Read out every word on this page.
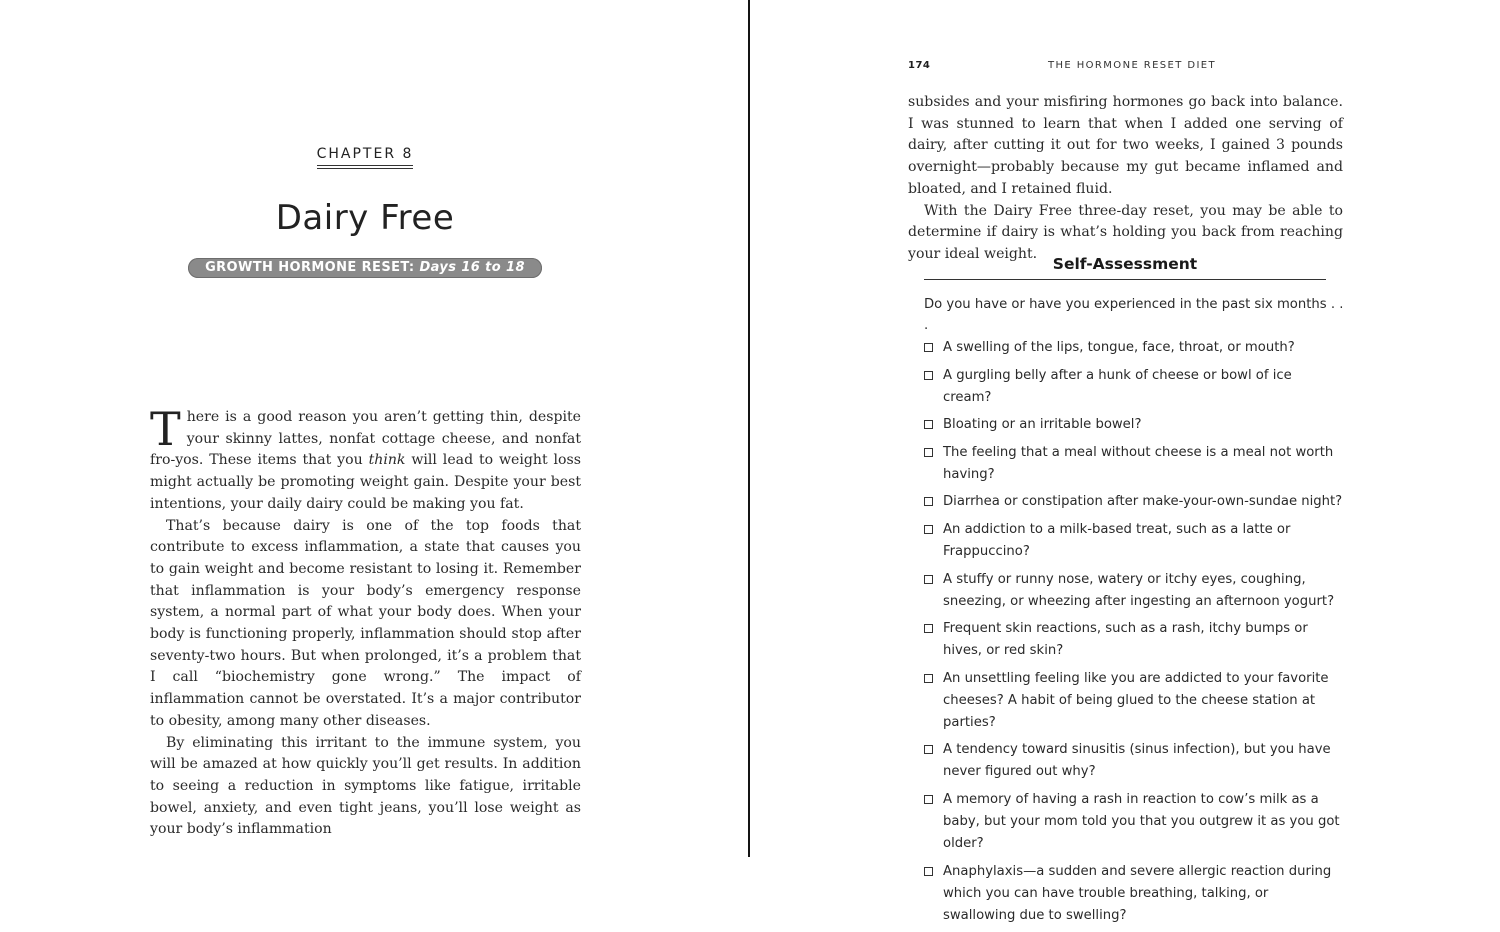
CHAPTER 8
Dairy Free
GROWTH HORMONE RESET: Days 16 to 18

There is a good reason you aren’t getting thin, despite your skinny lattes, nonfat cottage cheese, and nonfat fro-yos. These items that you think will lead to weight loss might actually be promoting weight gain. Despite your best intentions, your daily dairy could be making you fat.

That’s because dairy is one of the top foods that contribute to excess inflammation, a state that causes you to gain weight and become resistant to losing it. Remember that inflammation is your body’s emergency response system, a normal part of what your body does. When your body is functioning properly, inflammation should stop after seventy-two hours. But when prolonged, it’s a problem that I call “biochemistry gone wrong.” The impact of inflammation cannot be overstated. It’s a major contributor to obesity, among many other diseases.

By eliminating this irritant to the immune system, you will be amazed at how quickly you’ll get results. In addition to seeing a reduction in symptoms like fatigue, irritable bowel, anxiety, and even tight jeans, you’ll lose weight as your body’s inflammation

174	THE HORMONE RESET DIET

subsides and your misfiring hormones go back into balance. I was stunned to learn that when I added one serving of dairy, after cutting it out for two weeks, I gained 3 pounds overnight—probably because my gut became inflamed and bloated, and I retained fluid.

With the Dairy Free three-day reset, you may be able to determine if dairy is what’s holding you back from reaching your ideal weight.

Self-Assessment
Do you have or have you experienced in the past six months . . .
A swelling of the lips, tongue, face, throat, or mouth?
A gurgling belly after a hunk of cheese or bowl of ice cream?
Bloating or an irritable bowel?
The feeling that a meal without cheese is a meal not worth having?
Diarrhea or constipation after make-your-own-sundae night?
An addiction to a milk-based treat, such as a latte or Frappuccino?
A stuffy or runny nose, watery or itchy eyes, coughing, sneezing, or wheezing after ingesting an afternoon yogurt?
Frequent skin reactions, such as a rash, itchy bumps or hives, or red skin?
An unsettling feeling like you are addicted to your favorite cheeses? A habit of being glued to the cheese station at parties?
A tendency toward sinusitis (sinus infection), but you have never figured out why?
A memory of having a rash in reaction to cow’s milk as a baby, but your mom told you that you outgrew it as you got older?
Anaphylaxis—a sudden and severe allergic reaction during which you can have trouble breathing, talking, or swallowing due to swelling?
